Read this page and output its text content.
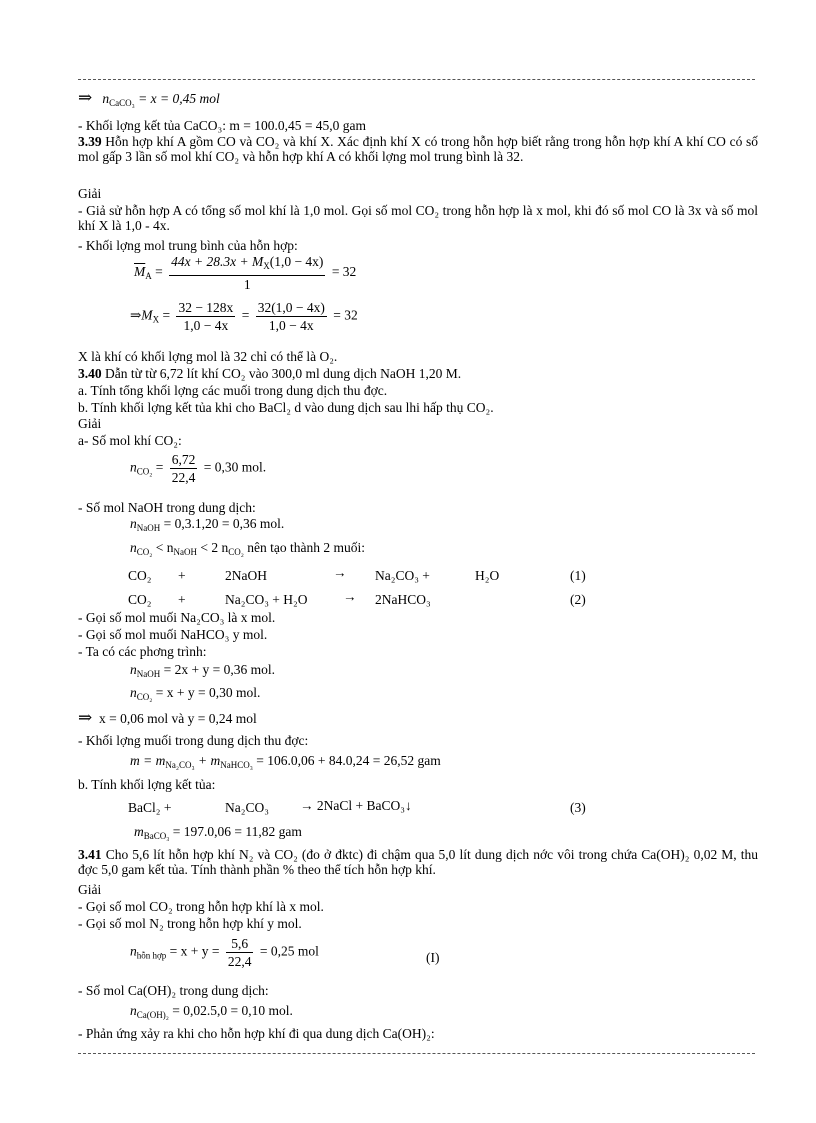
⇒ $n_{CaCO_3} = x = 0,45$ mol
- Khối lợng kết tủa CaCO₃: m = 100.0,45 = 45,0 gam
3.39 Hỗn hợp khí A gồm CO và CO₂ và khí X. Xác định khí X có trong hỗn hợp biết rằng trong hỗn hợp khí A khí CO có số mol gấp 3 lần số mol khí CO₂ và hỗn hợp khí A có khối lợng mol trung bình là 32.
Giải
- Giả sử hỗn hợp A có tổng số mol khí là 1,0 mol. Gọi số mol CO₂ trong hỗn hợp là x mol, khi đó số mol CO là 3x và số mol khí X là 1,0 - 4x.
- Khối lợng mol trung bình của hỗn hợp:
$\overline{M}_A = \frac{44x + 28.3x + M_X(1,0 - 4x)}{1} = 32$
$\Rightarrow M_X = \frac{32 - 128x}{1,0 - 4x} = \frac{32(1,0 - 4x)}{1,0 - 4x} = 32$
X là khí có khối lợng mol là 32 chỉ có thể là O₂.
3.40 Dẫn từ từ 6,72 lít khí CO₂ vào 300,0 ml dung dịch NaOH 1,20 M.
a. Tính tổng khối lợng các muối trong dung dịch thu đợc.
b. Tính khối lợng kết tủa khi cho BaCl₂ d vào dung dịch sau lhi hấp thụ CO₂.
Giải
a- Số mol khí CO₂:
$n_{CO_2} = \frac{6,72}{22,4} = 0,30$ mol.
- Số mol NaOH trong dung dịch:
$n_{NaOH} = 0,3.1,20 = 0,36$ mol.
$n_{CO_2} < n_{NaOH} < 2$ $n_{CO_2}$ nên tạo thành 2 muối:
CO₂ +	2NaOH	→ Na₂CO₃ +	H₂O	(1)
CO₂ +	Na₂CO₃ + H₂O	→ 2NaHCO₃	(2)
- Gọi số mol muối Na₂CO₃ là x mol.
- Gọi số mol muối NaHCO₃ y mol.
- Ta có các phơng trình:
$n_{NaOH} = 2x + y = 0,36$ mol.
$n_{CO_2} = x + y = 0,30$ mol.
⇒ x = 0,06 mol và y = 0,24 mol
- Khối lợng muối trong dung dịch thu đợc:
$m = m_{Na_2CO_3} + m_{NaHCO_3} = 106.0,06 + 84.0,24 = 26,52$ gam
b. Tính khối lợng kết tủa:
BaCl₂ +	Na₂CO₃ → 2NaCl + BaCO₃↓	(3)
$m_{BaCO_3} = 197.0,06 = 11,82$ gam
3.41 Cho 5,6 lít hỗn hợp khí N₂ và CO₂ (đo ở đktc) đi chậm qua 5,0 lít dung dịch nớc vôi trong chứa Ca(OH)₂ 0,02 M, thu đợc 5,0 gam kết tủa. Tính thành phần % theo thể tích hỗn hợp khí.
Giải
- Gọi số mol CO₂ trong hỗn hợp khí là x mol.
- Gọi số mol N₂ trong hỗn hợp khí y mol.
$n_{hỗn hợp} = x + y = \frac{5,6}{22,4} = 0,25$ mol	(I)
- Số mol Ca(OH)₂ trong dung dịch:
$n_{Ca(OH)_2} = 0,02.5,0 = 0,10$ mol.
- Phản ứng xảy ra khi cho hỗn hợp khí đi qua dung dịch Ca(OH)₂:
